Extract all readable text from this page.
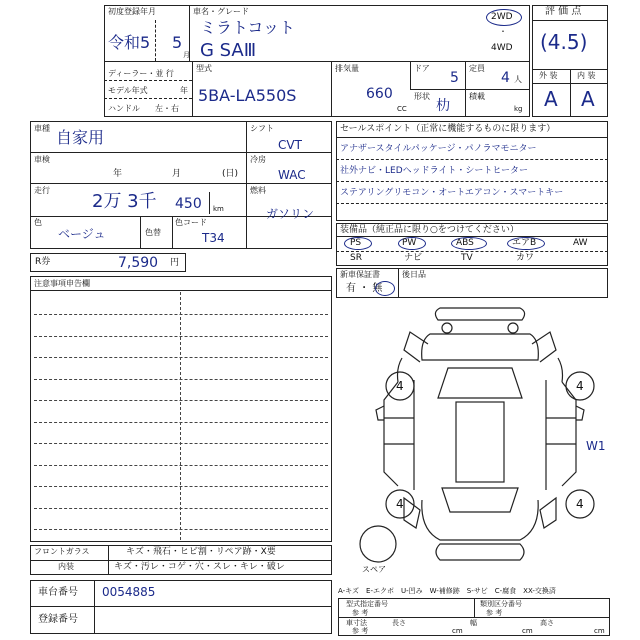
初度登録年月
令和5 5
月
車名・グレード
ミラトコット
G SAⅢ
2WD
・
4WD
ディーラー・並 行
モデル年式	年
ハンドル 左・右
型式
5BA-LA550S
排気量
660
CC
ドア
5
定員
4 人
形状
朸
積載
kg
評 価 点
(4.5)
外 装 内 装
A A
車種 自家用
車検
年	月	(日)
走行
2万 3千 450 km
色
ベージュ	色替
色コード
T34
シフト
CVT
冷房
WAC
燃料
ガソリン
R券	7,590 円
セールスポイント（正常に機能するものに限ります）
アナザースタイルパッケージ・パノラマモニター
社外ナビ・LEDヘッドライト・シートヒーター
ステアリングリモコン・オートエアコン・スマートキー
装備品（純正品に限り○をつけてください）
PS	PW	ABS	エアB	AW
SR	ナビ	TV	カワ
新車保証書
有 ・ 無
後日品
注意事項申告欄
4	4
4	4
W1
スペア
フロントガラス	キズ・飛石・ヒビ割・リペア跡・X要
内装	キズ・汚レ・コゲ・穴・スレ・キレ・破レ
車台番号 0054885
登録番号
A-キズ　E-エクボ　U-凹み　W-補修跡　S-サビ　C-腐食　XX-交換済
型式指定番号
参 考
類別区分番号
参 考
車寸法
参 考
長さ	幅	高さ
cm	cm	cm
